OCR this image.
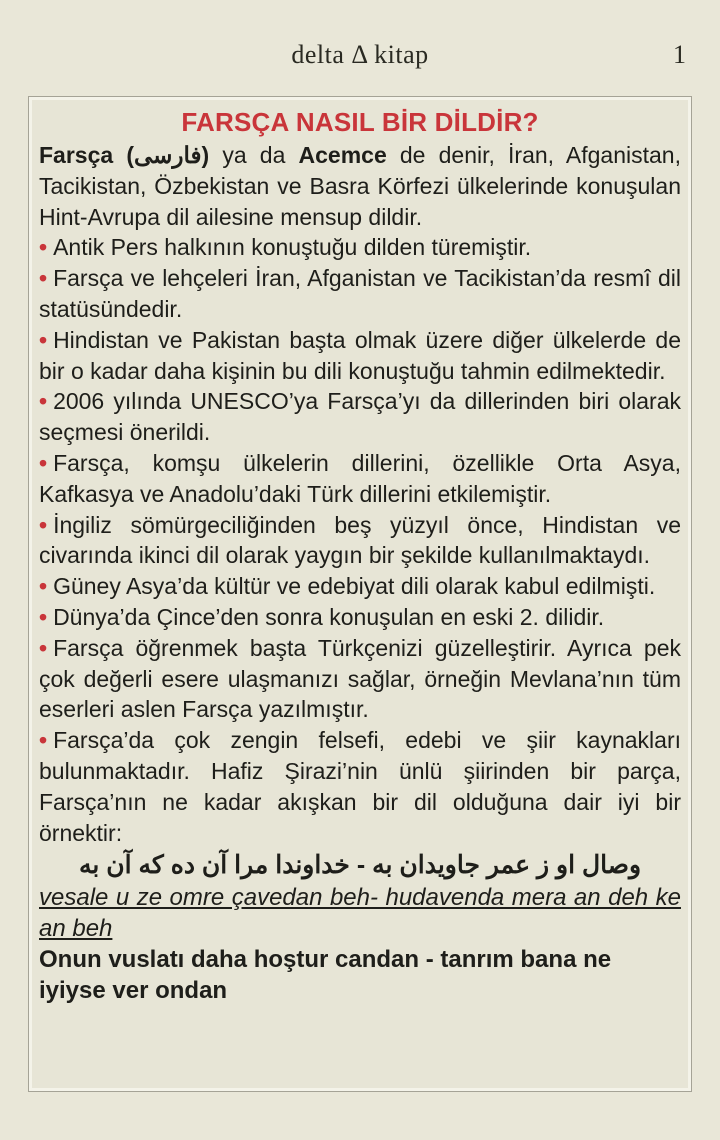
delta Δ kitap	1
FARSÇA NASIL BİR DİLDİR?

Farsça (فارسی) ya da Acemce de denir, İran, Afganistan, Tacikistan, Özbekistan ve Basra Körfezi ülkelerinde konuşulan Hint-Avrupa dil ailesine mensup dildir.

• Antik Pers halkının konuştuğu dilden türemiştir.

• Farsça ve lehçeleri İran, Afganistan ve Tacikistan’da resmî dil statüsündedir.

• Hindistan ve Pakistan başta olmak üzere diğer ülkelerde de bir o kadar daha kişinin bu dili konuştuğu tahmin edilmektedir.

• 2006 yılında UNESCO’ya Farsça’yı da dillerinden biri olarak seçmesi önerildi.

• Farsça, komşu ülkelerin dillerini, özellikle Orta Asya, Kafkasya ve Anadolu’daki Türk dillerini etkilemiştir.

• İngiliz sömürgeciliğinden beş yüzyıl önce, Hindistan ve civarında ikinci dil olarak yaygın bir şekilde kullanılmaktaydı.

• Güney Asya’da kültür ve edebiyat dili olarak kabul edilmişti.

• Dünya’da Çince’den sonra konuşulan en eski 2. dilidir.

• Farsça öğrenmek başta Türkçenizi güzelleştirir. Ayrıca pek çok değerli esere ulaşmanızı sağlar, örneğin Mevlana’nın tüm eserleri aslen Farsça yazılmıştır.

• Farsça’da çok zengin felsefi, edebi ve şiir kaynakları bulunmaktadır. Hafiz Şirazi’nin ünlü şiirinden bir parça, Farsça’nın ne kadar akışkan bir dil olduğuna dair iyi bir örnektir:

وصال او ز عمر جاویدان به - خداوندا مرا آن ده که آن به

vesale u ze omre çavedan beh- hudavenda mera an deh ke an beh

Onun vuslatı daha hoştur candan - tanrım bana ne iyiyse ver ondan
